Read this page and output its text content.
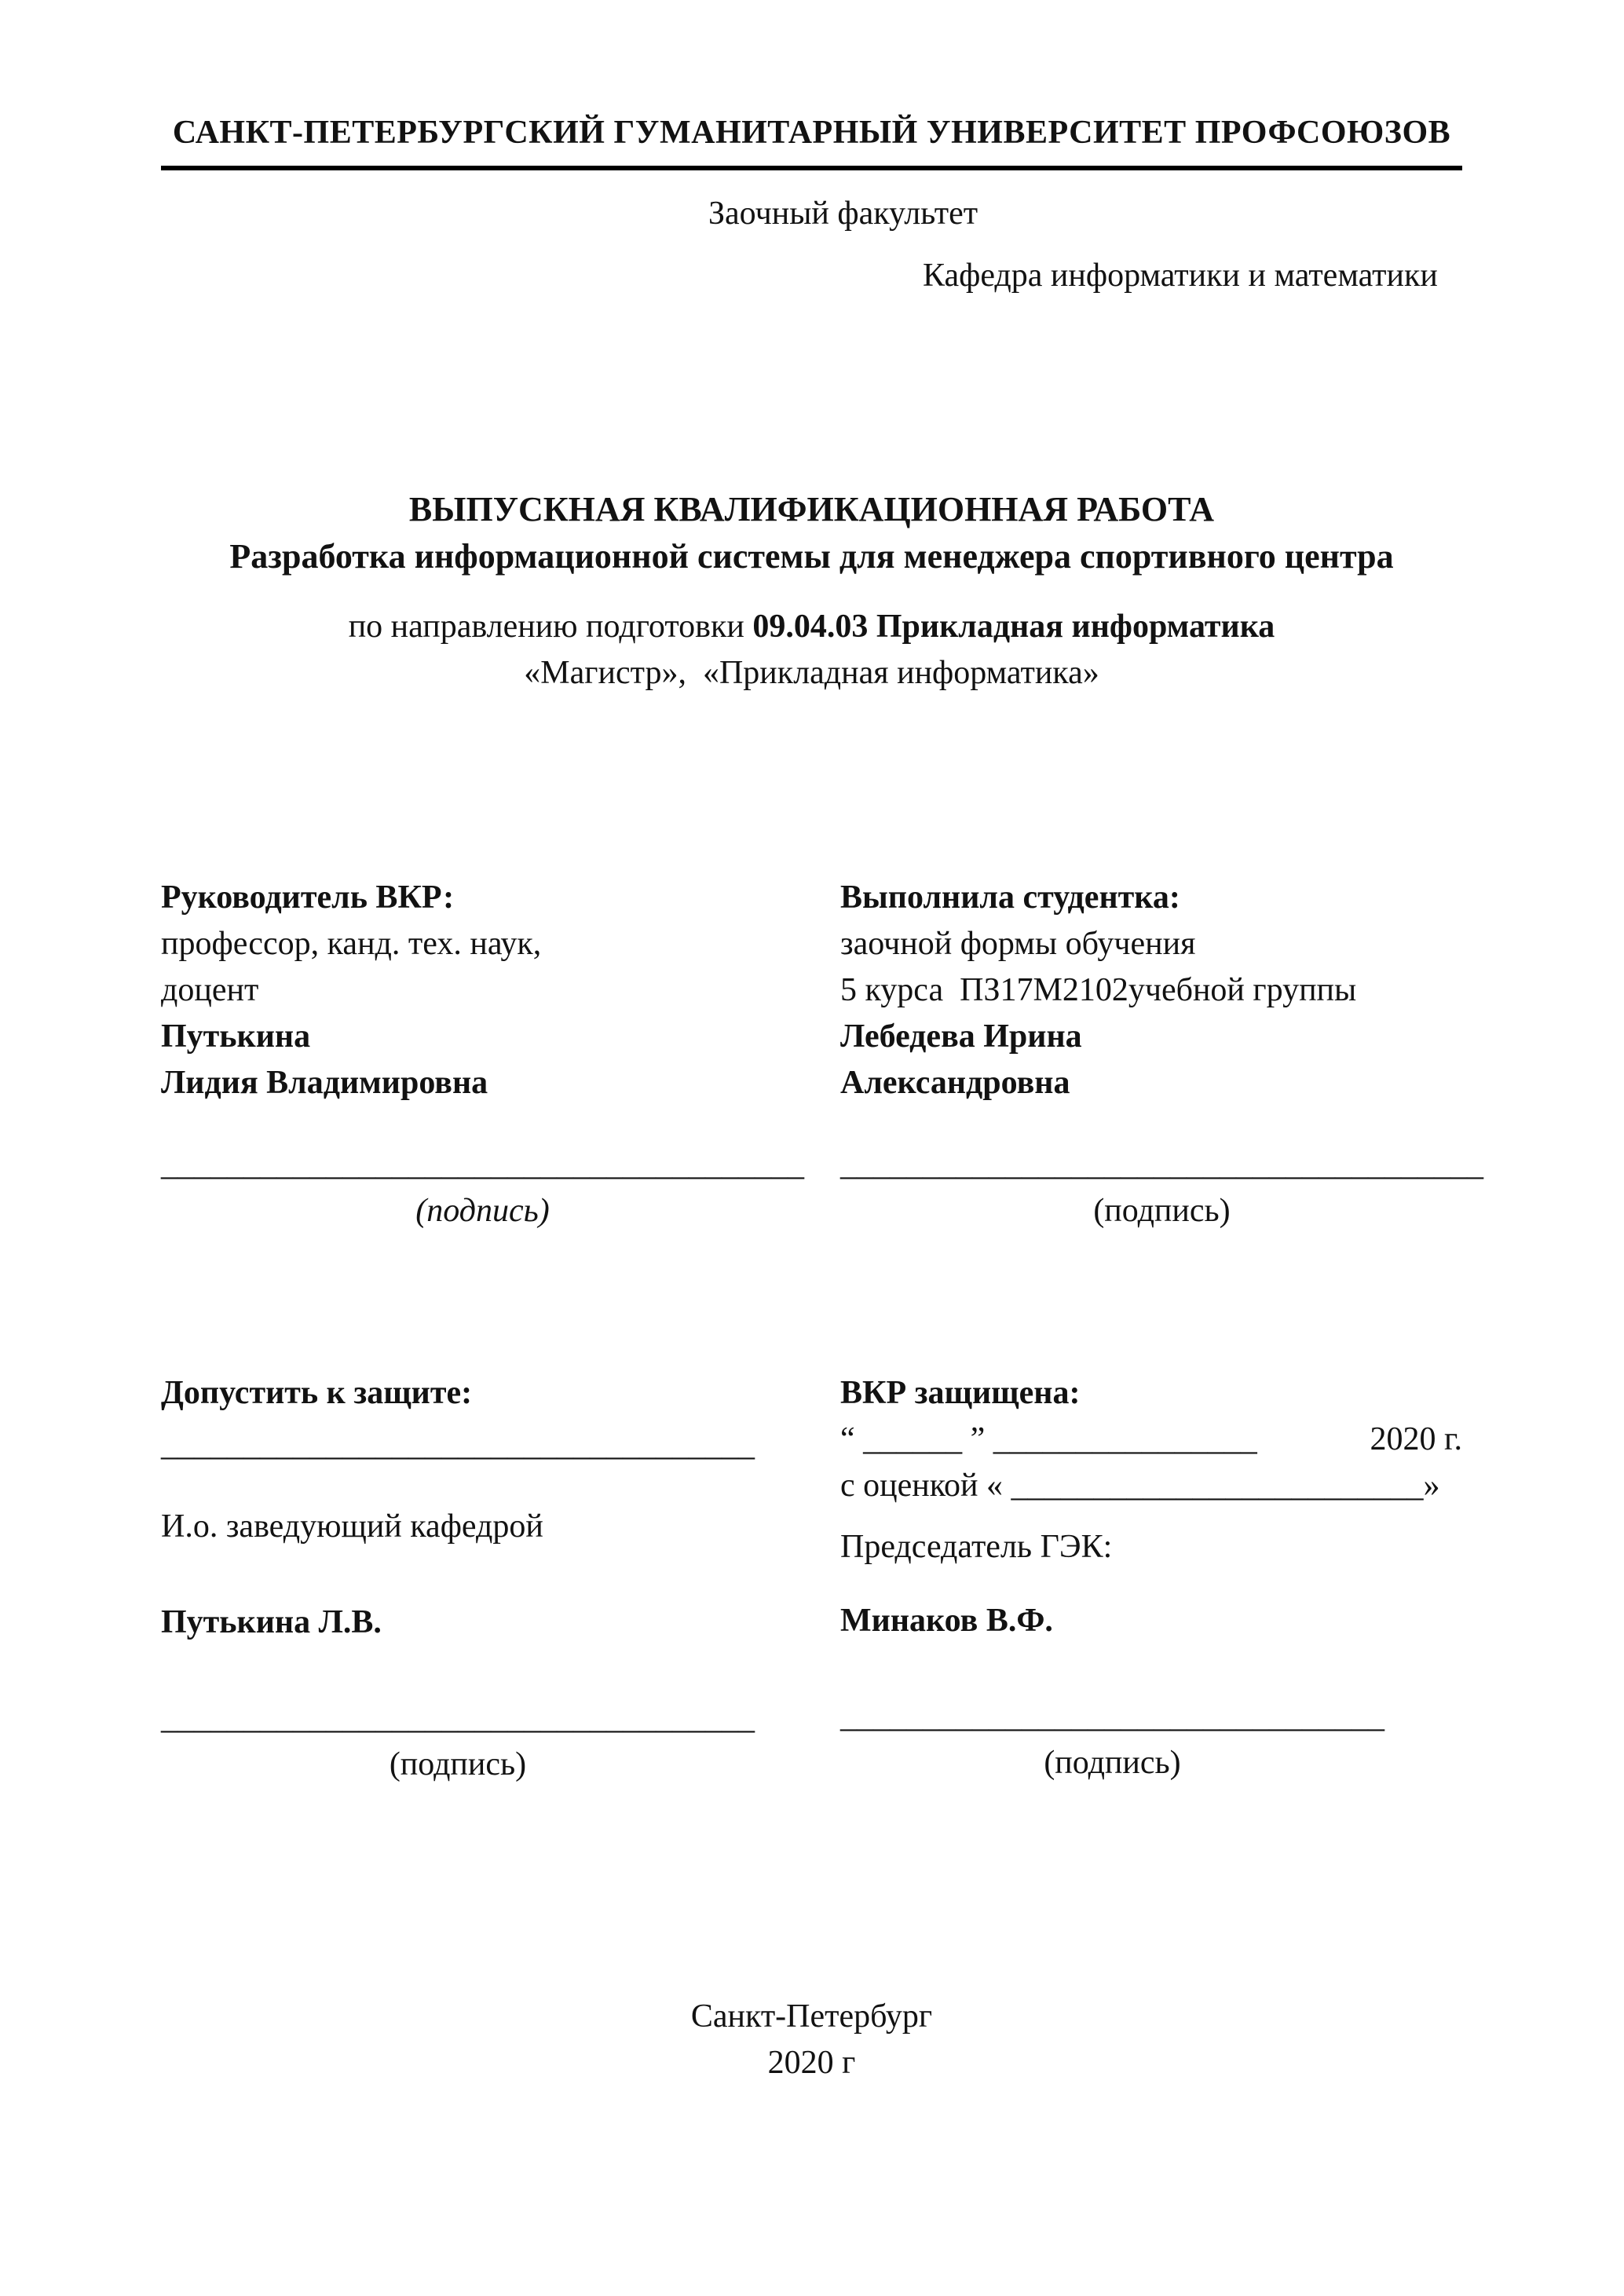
САНКТ-ПЕТЕРБУРГСКИЙ ГУМАНИТАРНЫЙ УНИВЕРСИТЕТ ПРОФСОЮЗОВ
Заочный факультет
Кафедра информатики и математики
ВЫПУСКНАЯ КВАЛИФИКАЦИОННАЯ РАБОТА
Разработка информационной системы для менеджера спортивного центра
по направлению подготовки 09.04.03 Прикладная информатика
«Магистр»,  «Прикладная информатика»
Руководитель ВКР:
профессор, канд. тех. наук,
доцент
Путькина
Лидия Владимировна
_______________________________________
(подпись)
Выполнила студентка:
заочной формы обучения
5 курса  ПЗ17М2102учебной группы
Лебедева Ирина
Александровна
_______________________________________
(подпись)
Допустить к защите:
____________________________________
И.о. заведующий кафедрой
Путькина Л.В.
____________________________________
(подпись)
ВКР защищена:
“ ______ ” ________________	2020 г.
с оценкой « _________________________»
Председатель ГЭК:
Минаков В.Ф.
_________________________________
(подпись)
Санкт-Петербург
2020 г
